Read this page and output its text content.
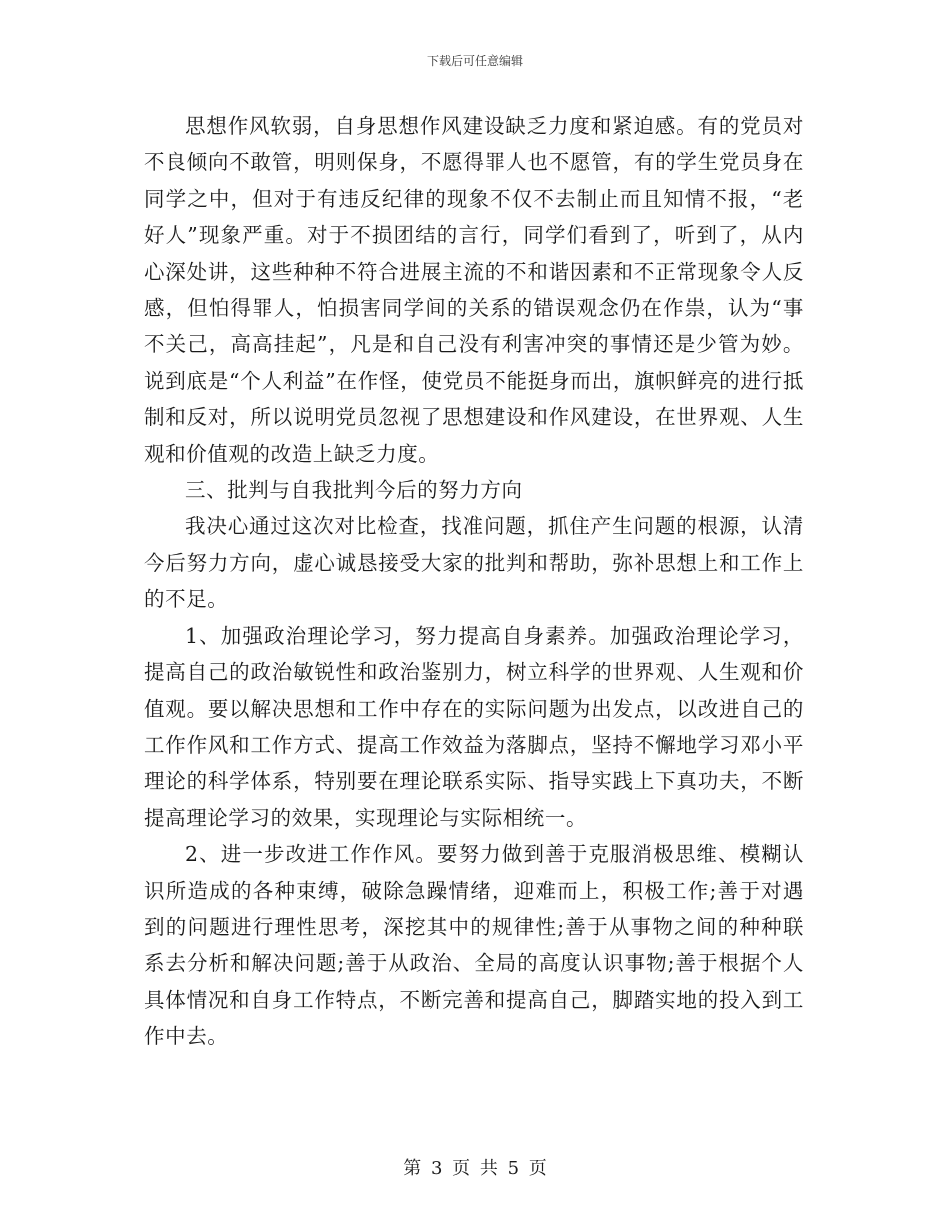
下载后可任意编辑

思想作风软弱，自身思想作风建设缺乏力度和紧迫感。有的党员对不良倾向不敢管，明则保身，不愿得罪人也不愿管，有的学生党员身在同学之中，但对于有违反纪律的现象不仅不去制止而且知情不报，“老好人”现象严重。对于不损团结的言行，同学们看到了，听到了，从内心深处讲，这些种种不符合进展主流的不和谐因素和不正常现象令人反感，但怕得罪人，怕损害同学间的关系的错误观念仍在作祟，认为“事不关己，高高挂起”，凡是和自己没有利害冲突的事情还是少管为妙。说到底是“个人利益”在作怪，使党员不能挺身而出，旗帜鲜亮的进行抵制和反对，所以说明党员忽视了思想建设和作风建设，在世界观、人生观和价值观的改造上缺乏力度。

三、批判与自我批判今后的努力方向

我决心通过这次对比检查，找准问题，抓住产生问题的根源，认清今后努力方向，虚心诚恳接受大家的批判和帮助，弥补思想上和工作上的不足。

1、加强政治理论学习，努力提高自身素养。加强政治理论学习，提高自己的政治敏锐性和政治鉴别力，树立科学的世界观、人生观和价值观。要以解决思想和工作中存在的实际问题为出发点，以改进自己的工作作风和工作方式、提高工作效益为落脚点，坚持不懈地学习邓小平理论的科学体系，特别要在理论联系实际、指导实践上下真功夫，不断提高理论学习的效果，实现理论与实际相统一。

2、进一步改进工作作风。要努力做到善于克服消极思维、模糊认识所造成的各种束缚，破除急躁情绪，迎难而上，积极工作;善于对遇到的问题进行理性思考，深挖其中的规律性;善于从事物之间的种种联系去分析和解决问题;善于从政治、全局的高度认识事物;善于根据个人具体情况和自身工作特点，不断完善和提高自己，脚踏实地的投入到工作中去。

第 3 页 共 5 页
